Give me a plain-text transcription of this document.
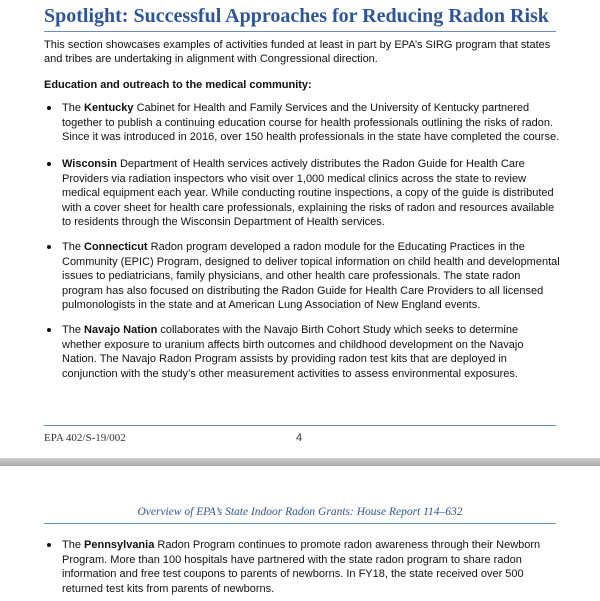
Spotlight: Successful Approaches for Reducing Radon Risk
This section showcases examples of activities funded at least in part by EPA’s SIRG program that states and tribes are undertaking in alignment with Congressional direction.
Education and outreach to the medical community:
The Kentucky Cabinet for Health and Family Services and the University of Kentucky partnered together to publish a continuing education course for health professionals outlining the risks of radon. Since it was introduced in 2016, over 150 health professionals in the state have completed the course.
Wisconsin Department of Health services actively distributes the Radon Guide for Health Care Providers via radiation inspectors who visit over 1,000 medical clinics across the state to review medical equipment each year. While conducting routine inspections, a copy of the guide is distributed with a cover sheet for health care professionals, explaining the risks of radon and resources available to residents through the Wisconsin Department of Health services.
The Connecticut Radon program developed a radon module for the Educating Practices in the Community (EPIC) Program, designed to deliver topical information on child health and developmental issues to pediatricians, family physicians, and other health care professionals. The state radon program has also focused on distributing the Radon Guide for Health Care Providers to all licensed pulmonologists in the state and at American Lung Association of New England events.
The Navajo Nation collaborates with the Navajo Birth Cohort Study which seeks to determine whether exposure to uranium affects birth outcomes and childhood development on the Navajo Nation. The Navajo Radon Program assists by providing radon test kits that are deployed in conjunction with the study’s other measurement activities to assess environmental exposures.
EPA 402/S-19/002	4
Overview of EPA’s State Indoor Radon Grants: House Report 114–632
The Pennsylvania Radon Program continues to promote radon awareness through their Newborn Program. More than 100 hospitals have partnered with the state radon program to share radon information and free test coupons to parents of newborns. In FY18, the state received over 500 returned test kits from parents of newborns.
